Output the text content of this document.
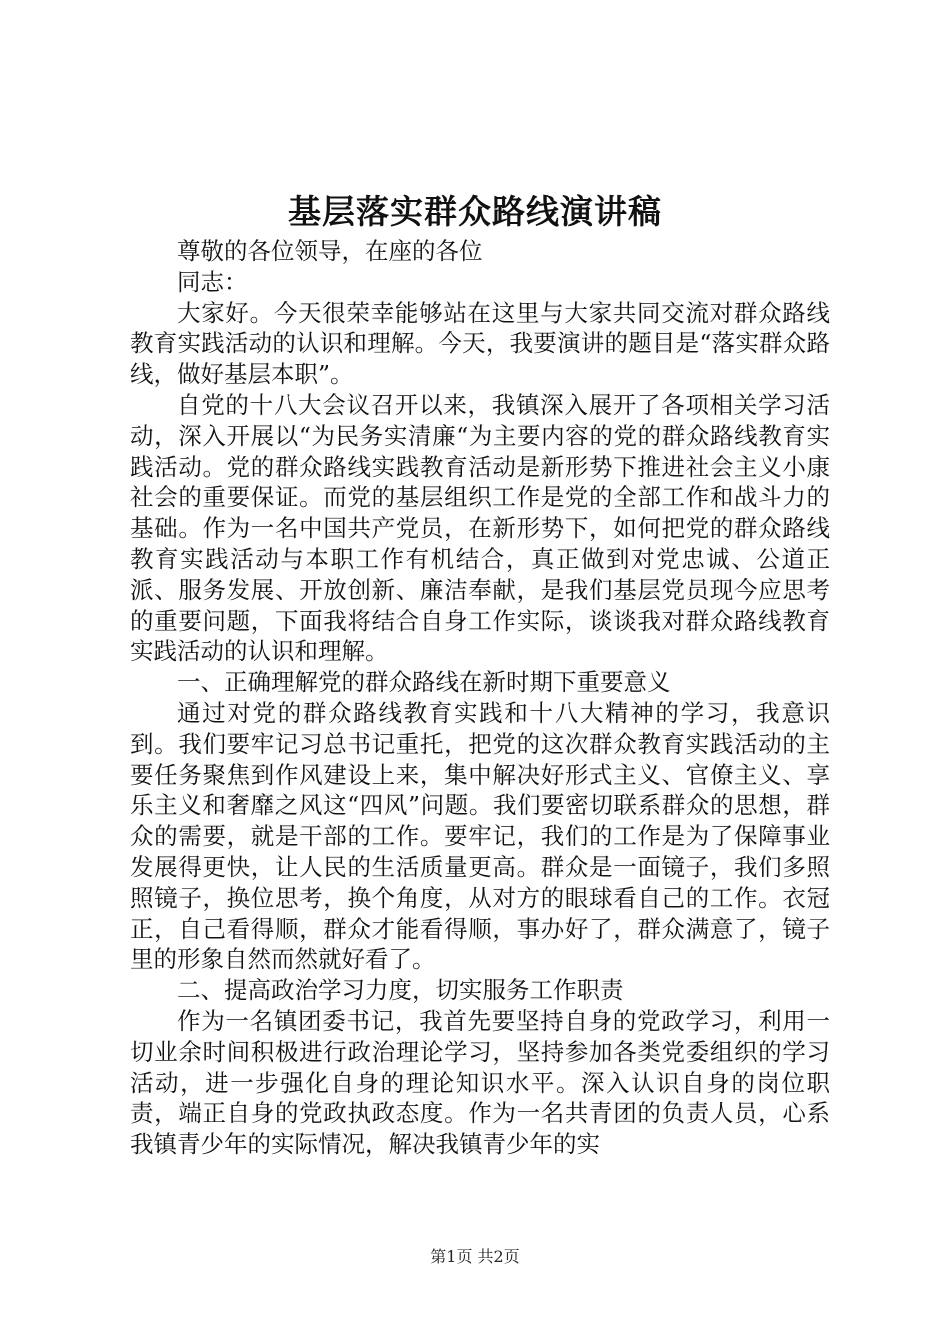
基层落实群众路线演讲稿

尊敬的各位领导，在座的各位

同志：

大家好。今天很荣幸能够站在这里与大家共同交流对群众路线教育实践活动的认识和理解。今天，我要演讲的题目是“落实群众路线，做好基层本职”。

自党的十八大会议召开以来，我镇深入展开了各项相关学习活动，深入开展以“为民务实清廉“为主要内容的党的群众路线教育实践活动。党的群众路线实践教育活动是新形势下推进社会主义小康社会的重要保证。而党的基层组织工作是党的全部工作和战斗力的基础。作为一名中国共产党员，在新形势下，如何把党的群众路线教育实践活动与本职工作有机结合，真正做到对党忠诚、公道正派、服务发展、开放创新、廉洁奉献，是我们基层党员现今应思考的重要问题，下面我将结合自身工作实际，谈谈我对群众路线教育实践活动的认识和理解。

一、正确理解党的群众路线在新时期下重要意义

通过对党的群众路线教育实践和十八大精神的学习，我意识到。我们要牢记习总书记重托，把党的这次群众教育实践活动的主要任务聚焦到作风建设上来，集中解决好形式主义、官僚主义、享乐主义和奢靡之风这“四风”问题。我们要密切联系群众的思想，群众的需要，就是干部的工作。要牢记，我们的工作是为了保障事业发展得更快，让人民的生活质量更高。群众是一面镜子，我们多照照镜子，换位思考，换个角度，从对方的眼球看自己的工作。衣冠正，自己看得顺，群众才能看得顺，事办好了，群众满意了，镜子里的形象自然而然就好看了。

二、提高政治学习力度，切实服务工作职责

作为一名镇团委书记，我首先要坚持自身的党政学习，利用一切业余时间积极进行政治理论学习，坚持参加各类党委组织的学习活动，进一步强化自身的理论知识水平。深入认识自身的岗位职责，端正自身的党政执政态度。作为一名共青团的负责人员，心系我镇青少年的实际情况，解决我镇青少年的实

第1页 共2页
